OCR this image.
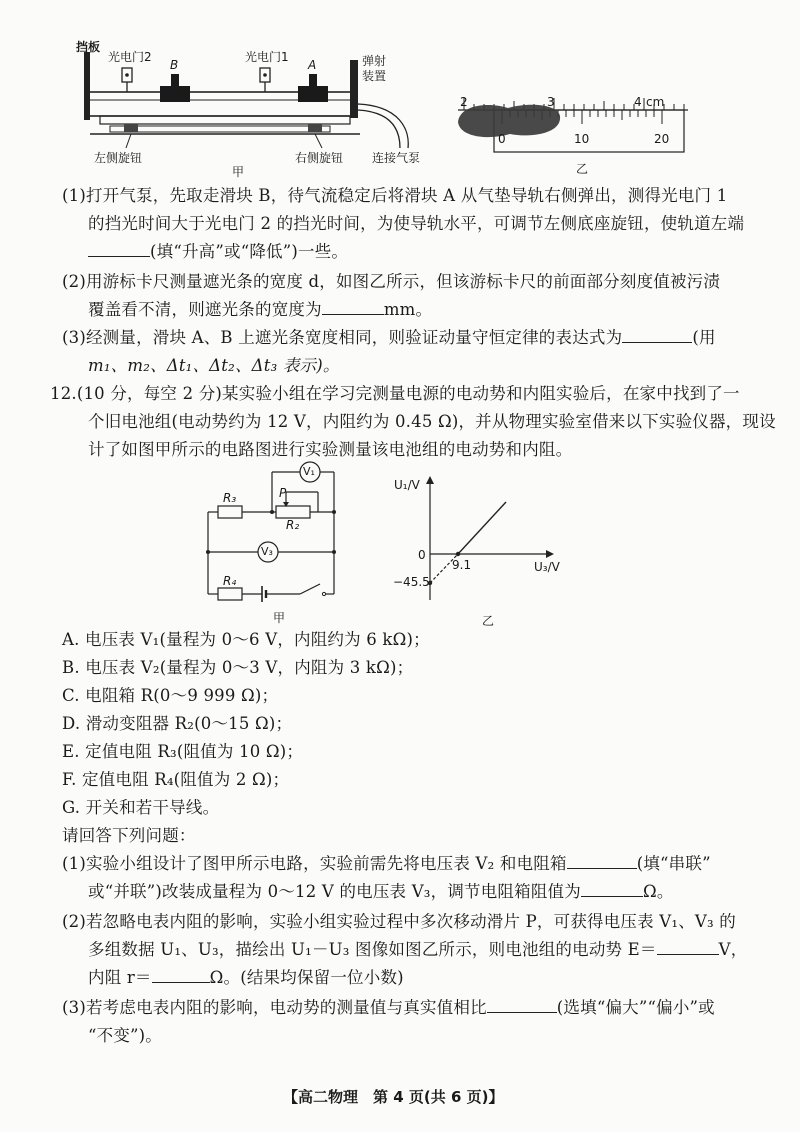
挡板
光电门2	光电门1
B	A	弹射
装置
左侧旋钮	右侧旋钮 连接气泵
甲
2	3	4 cm
0	10	20
乙
(1)打开气泵，先取走滑块 B，待气流稳定后将滑块 A 从气垫导轨右侧弹出，测得光电门 1
的挡光时间大于光电门 2 的挡光时间，为使导轨水平，可调节左侧底座旋钮，使轨道左端
(填“升高”或“降低”)一些。
(2)用游标卡尺测量遮光条的宽度 d，如图乙所示，但该游标卡尺的前面部分刻度值被污渍
覆盖看不清，则遮光条的宽度为	mm。
(3)经测量，滑块 A、B 上遮光条宽度相同，则验证动量守恒定律的表达式为	(用
m₁、m₂、Δt₁、Δt₂、Δt₃ 表示)。
12.(10 分，每空 2 分)某实验小组在学习完测量电源的电动势和内阻实验后，在家中找到了一
个旧电池组(电动势约为 12 V，内阻约为 0.45 Ω)，并从物理实验室借来以下实验仪器，现设
计了如图甲所示的电路图进行实验测量该电池组的电动势和内阻。
V₁
V₃
R₃	P
R₂
R₄
甲
U₁/V
U₃/V
0
9.1
−45.5
乙
A. 电压表 V₁(量程为 0～6 V，内阻约为 6 kΩ)；
B. 电压表 V₂(量程为 0～3 V，内阻为 3 kΩ)；
C. 电阻箱 R(0～9 999 Ω)；
D. 滑动变阻器 R₂(0～15 Ω)；
E. 定值电阻 R₃(阻值为 10 Ω)；
F. 定值电阻 R₄(阻值为 2 Ω)；
G. 开关和若干导线。
请回答下列问题：
(1)实验小组设计了图甲所示电路，实验前需先将电压表 V₂ 和电阻箱	(填“串联”
或“并联”)改装成量程为 0～12 V 的电压表 V₃，调节电阻箱阻值为	Ω。
(2)若忽略电表内阻的影响，实验小组实验过程中多次移动滑片 P，可获得电压表 V₁、V₃ 的
多组数据 U₁、U₃，描绘出 U₁－U₃ 图像如图乙所示，则电池组的电动势 E＝	V，
内阻 r＝	Ω。(结果均保留一位小数)
(3)若考虑电表内阻的影响，电动势的测量值与真实值相比	(选填“偏大”“偏小”或
“不变”)。
【高二物理　第 4 页(共 6 页)】
